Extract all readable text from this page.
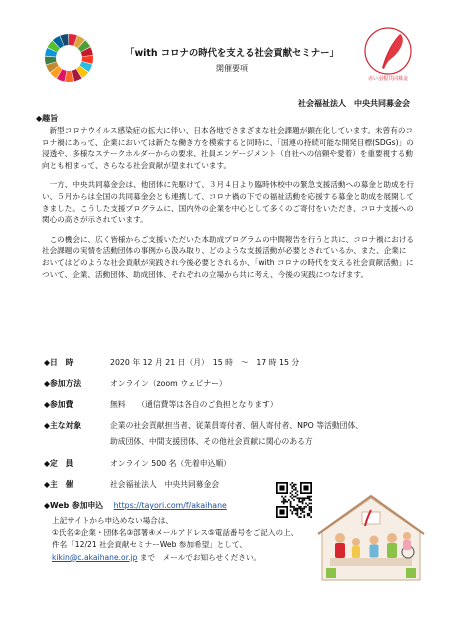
赤い羽根共同募金
「with コロナの時代を支える社会貢献セミナー」
開催要項
社会福祉法人　中央共同募金会
◆趣旨

新型コロナウイルス感染症の拡大に伴い、日本各地でさまざまな社会課題が顕在化しています。未曾有のコロナ禍にあって、企業においては新たな働き方を模索すると同時に、「国連の持続可能な開発目標(SDGs)」の浸透や、多様なステークホルダーからの要求、社員エンゲージメント（自社への信頼や愛着）を重要視する動向とも相まって、さらなる社会貢献が望まれています。

一方、中央共同募金会は、他団体に先駆けて、３月４日より臨時休校中の緊急支援活動への募金と助成を行い、５月からは全国の共同募金会とも連携して、コロナ禍の下での福祉活動を応援する募金と助成を展開してきました。こうした支援プログラムに、国内外の企業を中心として多くのご寄付をいただき、コロナ支援への関心の高さが示されています。

この機会に、広く皆様からご支援いただいた本助成プログラムの中間報告を行うと共に、コロナ禍における社会課題の実情を活動団体の事例から汲み取り、どのような支援活動が必要とされているか、また、企業においてはどのような社会貢献が実践され今後必要とされるか、「with コロナの時代を支える社会貢献活動」について、企業、活動団体、助成団体、それぞれの立場から共に考え、今後の実践につなげます。

◆日　時	2020 年 12 月 21 日（月）　15 時　～　17 時 15 分
◆参加方法	オンライン（zoom ウェビナー）
◆参加費	無料　　（通信費等は各自のご負担となります）
◆主な対象	企業の社会貢献担当者、従業員寄付者、個人寄付者、NPO 等活動団体、
助成団体、中間支援団体、その他社会貢献に関心のある方
◆定　員	オンライン 500 名（先着申込順）
◆主　催	社会福祉法人　中央共同募金会
◆Web 参加申込 https://tayori.com/f/akaihane
上記サイトから申込めない場合は、
①氏名②企業・団体名③部署④メールアドレス⑤電話番号をご記入の上、
件名「12/21 社会貢献セミナーWeb 参加希望」として、
kikin@c.akaihane.or.jp まで　メールでお知らせください。
